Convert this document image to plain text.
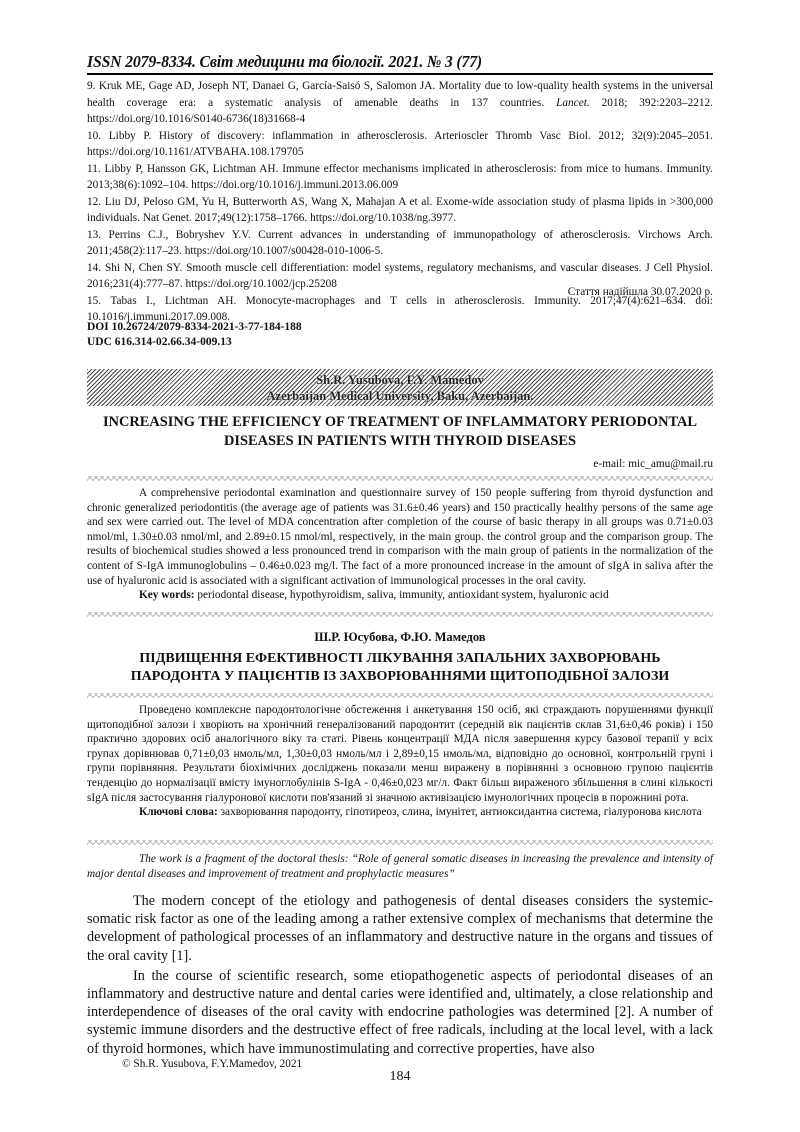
ISSN 2079-8334. Світ медицини та біології. 2021. № 3 (77)

9. Kruk ME, Gage AD, Joseph NT, Danaei G, García-Saisó S, Salomon JA. Mortality due to low-quality health systems in the universal health coverage era: a systematic analysis of amenable deaths in 137 countries. Lancet. 2018; 392:2203–2212. https://doi.org/10.1016/S0140-6736(18)31668-4

10. Libby P. History of discovery: inflammation in atherosclerosis. Arterioscler Thromb Vasc Biol. 2012; 32(9):2045–2051. https://doi.org/10.1161/ATVBAHA.108.179705

11. Libby P, Hansson GK, Lichtman AH. Immune effector mechanisms implicated in atherosclerosis: from mice to humans. Immunity. 2013;38(6):1092–104. https://doi.org/10.1016/j.immuni.2013.06.009

12. Liu DJ, Peloso GM, Yu H, Butterworth AS, Wang X, Mahajan A et al. Exome-wide association study of plasma lipids in >300,000 individuals. Nat Genet. 2017;49(12):1758–1766. https://doi.org/10.1038/ng.3977.

13. Perrins C.J., Bobryshev Y.V. Current advances in understanding of immunopathology of atherosclerosis. Virchows Arch. 2011;458(2):117–23. https://doi.org/10.1007/s00428-010-1006-5.

14. Shi N, Chen SY. Smooth muscle cell differentiation: model systems, regulatory mechanisms, and vascular diseases. J Cell Physiol. 2016;231(4):777–87. https://doi.org/10.1002/jcp.25208

15. Tabas I., Lichtman AH. Monocyte-macrophages and T cells in atherosclerosis. Immunity. 2017;47(4):621–634. doi: 10.1016/j.immuni.2017.09.008.

Стаття надійшла 30.07.2020 р.
DOI 10.26724/2079-8334-2021-3-77-184-188
UDC 616.314-02.66.34-009.13
Sh.R. Yusubova, F.Y. Mamedov
Azerbaijan Medical University, Baku, Azerbaijan.
INCREASING THE EFFICIENCY OF TREATMENT OF INFLAMMATORY PERIODONTAL
DISEASES IN PATIENTS WITH THYROID DISEASES
e-mail: mic_amu@mail.ru

A comprehensive periodontal examination and questionnaire survey of 150 people suffering from thyroid dysfunction and chronic generalized periodontitis (the average age of patients was 31.6±0.46 years) and 150 practically healthy persons of the same age and sex were carried out. The level of MDA concentration after completion of the course of basic therapy in all groups was 0.71±0.03 nmol/ml, 1.30±0.03 nmol/ml, and 2.89±0.15 nmol/ml, respectively, in the main group. the control group and the comparison group. The results of biochemical studies showed a less pronounced trend in comparison with the main group of patients in the normalization of the content of S-IgA immunoglobulins – 0.46±0.023 mg/l. The fact of a more pronounced increase in the amount of sIgA in saliva after the use of hyaluronic acid is associated with a significant activation of immunological processes in the oral cavity.

Key words: periodontal disease, hypothyroidism, saliva, immunity, antioxidant system, hyaluronic acid

Ш.Р. Юсубова, Ф.Ю. Мамедов
ПІДВИЩЕННЯ ЕФЕКТИВНОСТІ ЛІКУВАННЯ ЗАПАЛЬНИХ ЗАХВОРЮВАНЬ
ПАРОДОНТА У ПАЦІЄНТІВ ІЗ ЗАХВОРЮВАННЯМИ ЩИТОПОДІБНОЇ ЗАЛОЗИ

Проведено комплексне пародонтологічне обстеження і анкетування 150 осіб, які страждають порушеннями функції щитоподібної залози і хворіють на хронічний генералізований пародонтит (середній вік пацієнтів склав 31,6±0,46 років) і 150 практично здорових осіб аналогічного віку та статі. Рівень концентрації МДА після завершення курсу базової терапії у всіх групах дорівнював 0,71±0,03 нмоль/мл, 1,30±0,03 нмоль/мл і 2,89±0,15 нмоль/мл, відповідно до основної, контрольній групі і групи порівняння. Результати біохімічних досліджень показали менш виражену в порівнянні з основною групою пацієнтів тенденцію до нормалізації вмісту імуноглобулінів S-IgA - 0,46±0,023 мг/л. Факт більш вираженого збільшення в слині кількості sIgA після застосування гіалуронової кислоти пов'язаний зі значною активізацією імунологічних процесів в порожнині рота.

Ключові слова: захворювання пародонту, гіпотиреоз, слина, імунітет, антиоксидантна система, гіалуронова кислота

The work is a fragment of the doctoral thesis: “Role of general somatic diseases in increasing the prevalence and intensity of major dental diseases and improvement of treatment and prophylactic measures”

The modern concept of the etiology and pathogenesis of dental diseases considers the systemic-somatic risk factor as one of the leading among a rather extensive complex of mechanisms that determine the development of pathological processes of an inflammatory and destructive nature in the organs and tissues of the oral cavity [1].

In the course of scientific research, some etiopathogenetic aspects of periodontal diseases of an inflammatory and destructive nature and dental caries were identified and, ultimately, a close relationship and interdependence of diseases of the oral cavity with endocrine pathologies was determined [2]. A number of systemic immune disorders and the destructive effect of free radicals, including at the local level, with a lack of thyroid hormones, which have immunostimulating and corrective properties, have also

© Sh.R. Yusubova, F.Y.Mamedov, 2021
184
